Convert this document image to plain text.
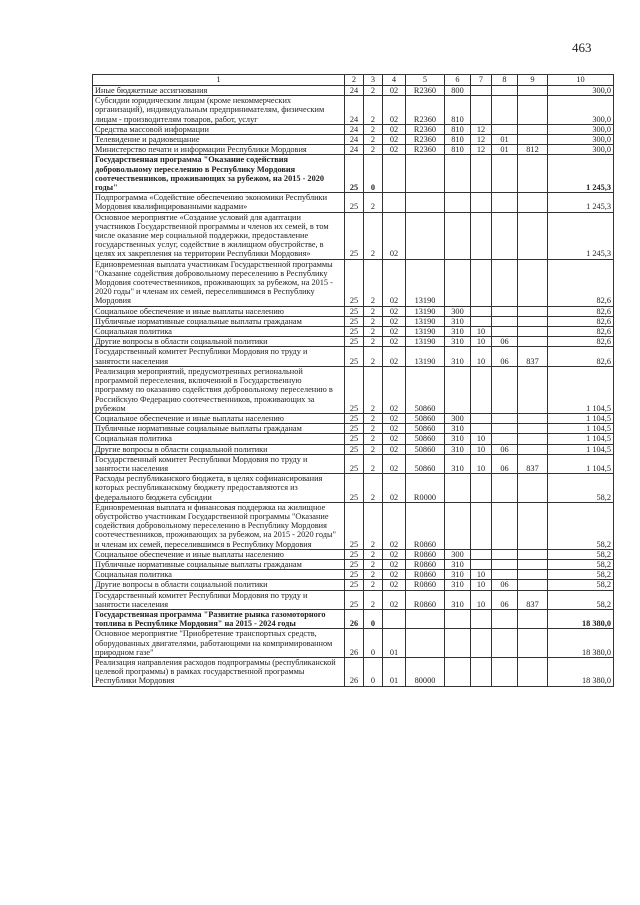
463
1	2	3	4	5	6	7	8	9	10
Иные бюджетные ассигнования	24	2	02	R2360	800				300,0
Субсидии юридическим лицам (кроме некоммерческих организаций), индивидуальным предпринимателям, физическим лицам - производителям товаров, работ, услуг	24	2	02	R2360	810				300,0
Средства массовой информации	24	2	02	R2360	810	12			300,0
Телевидение и радиовещание	24	2	02	R2360	810	12	01		300,0
Министерство печати и информации Республики Мордовия	24	2	02	R2360	810	12	01	812	300,0
Государственная программа "Оказание содействия добровольному переселению в Республику Мордовия соотечественников, проживающих за рубежом, на 2015 - 2020 годы"	25	0							1 245,3
Подпрограмма «Содействие обеспечению экономики Республики Мордовия квалифицированными кадрами»	25	2							1 245,3
Основное мероприятие «Создание условий для адаптации участников Государственной программы и членов их семей, в том числе оказание мер социальной поддержки, предоставление государственных услуг, содействие в жилищном обустройстве, в целях их закрепления на территории Республики Мордовия»	25	2	02						1 245,3
Единовременная выплата участникам Государственной программы "Оказание содействия добровольному переселению в Республику Мордовия соотечественников, проживающих за рубежом, на 2015 - 2020 годы" и членам их семей, переселившимся в Республику Мордовия	25	2	02	13190					82,6
Социальное обеспечение и иные выплаты населению	25	2	02	13190	300				82,6
Публичные нормативные социальные выплаты гражданам	25	2	02	13190	310				82,6
Социальная политика	25	2	02	13190	310	10			82,6
Другие вопросы в области социальной политики	25	2	02	13190	310	10	06		82,6
Государственный комитет Республики Мордовия по труду и занятости населения	25	2	02	13190	310	10	06	837	82,6
Реализация мероприятий, предусмотренных региональной программой переселения, включенной в Государственную программу по оказанию содействия добровольному переселению в Российскую Федерацию соотечественников, проживающих за рубежом	25	2	02	50860					1 104,5
Социальное обеспечение и иные выплаты населению	25	2	02	50860	300				1 104,5
Публичные нормативные социальные выплаты гражданам	25	2	02	50860	310				1 104,5
Социальная политика	25	2	02	50860	310	10			1 104,5
Другие вопросы в области социальной политики	25	2	02	50860	310	10	06		1 104,5
Государственный комитет Республики Мордовия по труду и занятости населения	25	2	02	50860	310	10	06	837	1 104,5
Расходы республиканского бюджета, в целях софинансирования которых республиканскому бюджету предоставляются из федерального бюджета субсидии	25	2	02	R0000					58,2
Единовременная выплата и финансовая поддержка на жилищное обустройство участникам Государственной программы "Оказание содействия добровольному переселению в Республику Мордовия соотечественников, проживающих за рубежом, на 2015 - 2020 годы" и членам их семей, переселившимся в Республику Мордовия	25	2	02	R0860					58,2
Социальное обеспечение и иные выплаты населению	25	2	02	R0860	300				58,2
Публичные нормативные социальные выплаты гражданам	25	2	02	R0860	310				58,2
Социальная политика	25	2	02	R0860	310	10			58,2
Другие вопросы в области социальной политики	25	2	02	R0860	310	10	06		58,2
Государственный комитет Республики Мордовия по труду и занятости населения	25	2	02	R0860	310	10	06	837	58,2
Государственная программа "Развитие рынка газомоторного топлива в Республике Мордовия" на 2015 - 2024 годы	26	0							18 380,0
Основное мероприятие "Приобретение транспортных средств, оборудованных двигателями, работающими на компримированном природном газе"	26	0	01						18 380,0
Реализация направления расходов подпрограммы (республиканской целевой программы) в рамках государственной программы Республики Мордовия	26	0	01	80000					18 380,0
